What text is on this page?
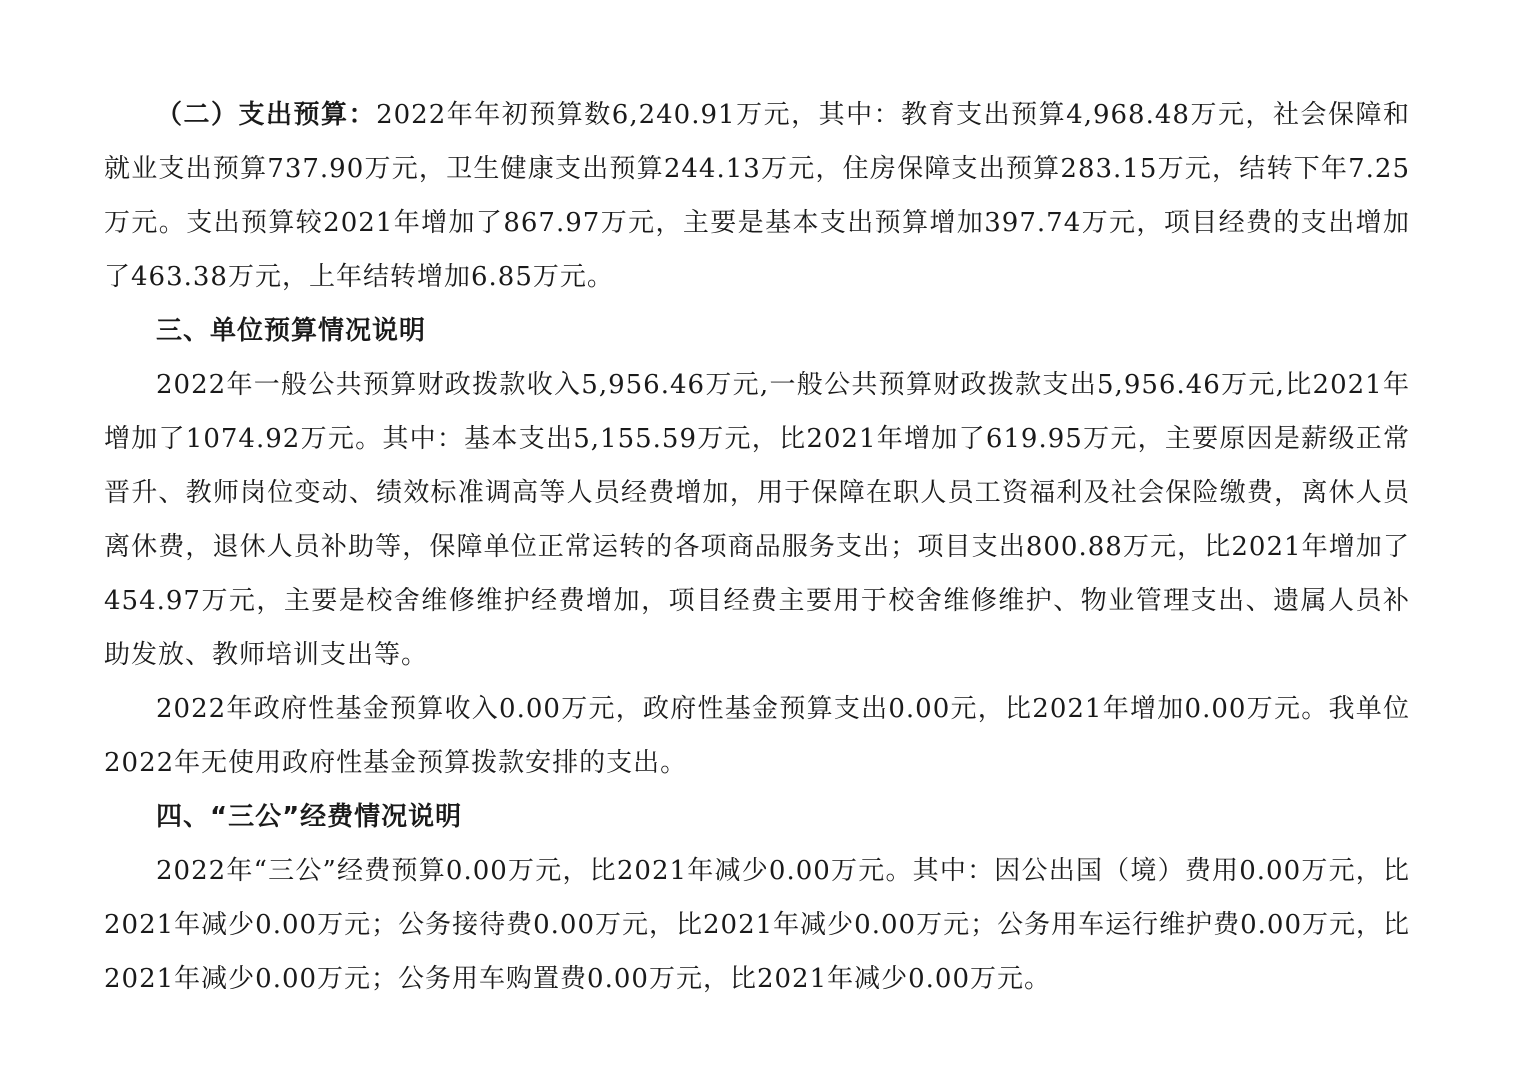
（二）支出预算：2022年年初预算数6,240.91万元，其中：教育支出预算4,968.48万元，社会保障和就业支出预算737.90万元，卫生健康支出预算244.13万元，住房保障支出预算283.15万元，结转下年7.25万元。支出预算较2021年增加了867.97万元，主要是基本支出预算增加397.74万元，项目经费的支出增加了463.38万元，上年结转增加6.85万元。

三、单位预算情况说明

2022年一般公共预算财政拨款收入5,956.46万元,一般公共预算财政拨款支出5,956.46万元,比2021年增加了1074.92万元。其中：基本支出5,155.59万元，比2021年增加了619.95万元，主要原因是薪级正常晋升、教师岗位变动、绩效标准调高等人员经费增加，用于保障在职人员工资福利及社会保险缴费，离休人员离休费，退休人员补助等，保障单位正常运转的各项商品服务支出；项目支出800.88万元，比2021年增加了454.97万元，主要是校舍维修维护经费增加，项目经费主要用于校舍维修维护、物业管理支出、遗属人员补助发放、教师培训支出等。

2022年政府性基金预算收入0.00万元，政府性基金预算支出0.00元，比2021年增加0.00万元。我单位2022年无使用政府性基金预算拨款安排的支出。

四、“三公”经费情况说明

2022年“三公”经费预算0.00万元，比2021年减少0.00万元。其中：因公出国（境）费用0.00万元，比2021年减少0.00万元；公务接待费0.00万元，比2021年减少0.00万元；公务用车运行维护费0.00万元，比2021年减少0.00万元；公务用车购置费0.00万元，比2021年减少0.00万元。
